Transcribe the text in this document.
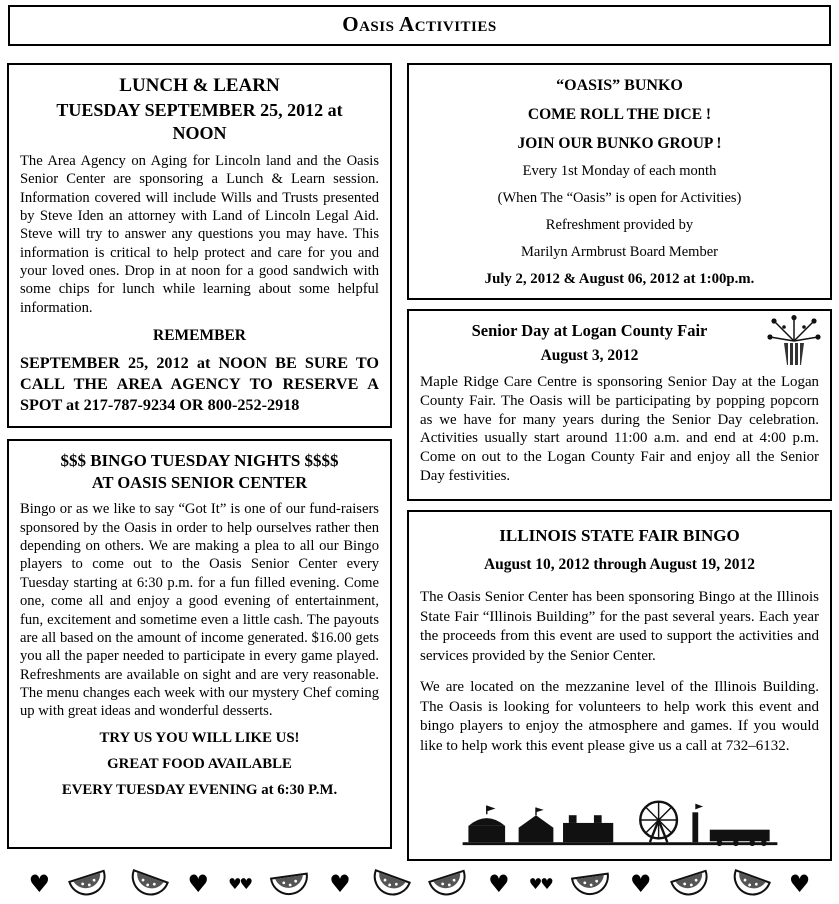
Oasis Activities
LUNCH & LEARN
TUESDAY SEPTEMBER 25, 2012 at NOON

The Area Agency on Aging for Lincoln land and the Oasis Senior Center are sponsoring a Lunch & Learn session. Information covered will include Wills and Trusts presented by Steve Iden an attorney with Land of Lincoln Legal Aid. Steve will try to answer any questions you may have. This information is critical to help protect and care for you and your loved ones. Drop in at noon for a good sandwich with some chips for lunch while learning about some helpful information.

REMEMBER

SEPTEMBER 25, 2012 at NOON BE SURE TO CALL THE AREA AGENCY TO RESERVE A SPOT at 217-787-9234 OR 800-252-2918

$$$ BINGO TUESDAY NIGHTS $$$$
AT OASIS SENIOR CENTER

Bingo or as we like to say “Got It” is one of our fund-raisers sponsored by the Oasis in order to help ourselves rather then depending on others. We are making a plea to all our Bingo players to come out to the Oasis Senior Center every Tuesday starting at 6:30 p.m. for a fun filled evening. Come one, come all and enjoy a good evening of entertainment, fun, excitement and sometime even a little cash. The payouts are all based on the amount of income generated. $16.00 gets you all the paper needed to participate in every game played. Refreshments are available on sight and are very reasonable. The menu changes each week with our mystery Chef coming up with great ideas and wonderful desserts.

TRY US YOU WILL LIKE US!

GREAT FOOD AVAILABLE

EVERY TUESDAY EVENING at 6:30 P.M.

“OASIS” BUNKO

COME ROLL THE DICE !

JOIN OUR BUNKO GROUP !

Every 1st Monday of each month

(When The “Oasis” is open for Activities)

Refreshment provided by

Marilyn Armbrust Board Member

July 2, 2012 & August 06, 2012 at 1:00p.m.

Senior Day at Logan County Fair

August 3, 2012

Maple Ridge Care Centre is sponsoring Senior Day at the Logan County Fair. The Oasis will be participating by popping popcorn as we have for many years during the Senior Day celebration. Activities usually start around 11:00 a.m. and end at 4:00 p.m. Come on out to the Logan County Fair and enjoy all the Senior Day festivities.

ILLINOIS STATE FAIR BINGO

August 10, 2012 through August 19, 2012

The Oasis Senior Center has been sponsoring Bingo at the Illinois State Fair “Illinois Building” for the past several years. Each year the proceeds from this event are used to support the activities and services provided by the Senior Center.

We are located on the mezzanine level of the Illinois Building. The Oasis is looking for volunteers to help work this event and bingo players to enjoy the atmosphere and games. If you would like to help work this event please give us a call at 732–6132.

♥	♥ ♥♥	♥	♥ ♥♥	♥	♥
